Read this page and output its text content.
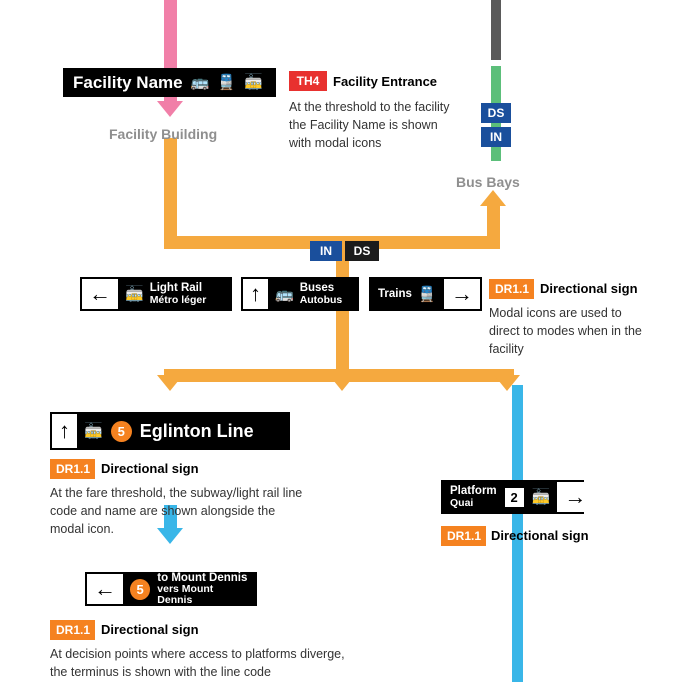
Facility Name 🚌 🚆 🚋
Facility Building
Bus Bays
DS
IN
TH4	Facility Entrance
At the threshold to the facility the Facility Name is shown with modal icons
IN	DS
← 🚋 Light Rail
Métro léger ↑ 🚌 Buses
Autobus	Trains 🚆 →	DR1.1 Directional sign
Modal icons are used to direct to modes when in the facility
↑ 🚋	5 Eglinton Line
DR1.1 Directional sign
At the fare threshold, the subway/light rail line code and name are shown alongside the modal icon.
Platform
Quai	2 🚋 →
DR1.1 Directional sign
←	5
to Mount Dennis
vers Mount Dennis
DR1.1 Directional sign
At decision points where access to platforms diverge, the terminus is shown with the line code
